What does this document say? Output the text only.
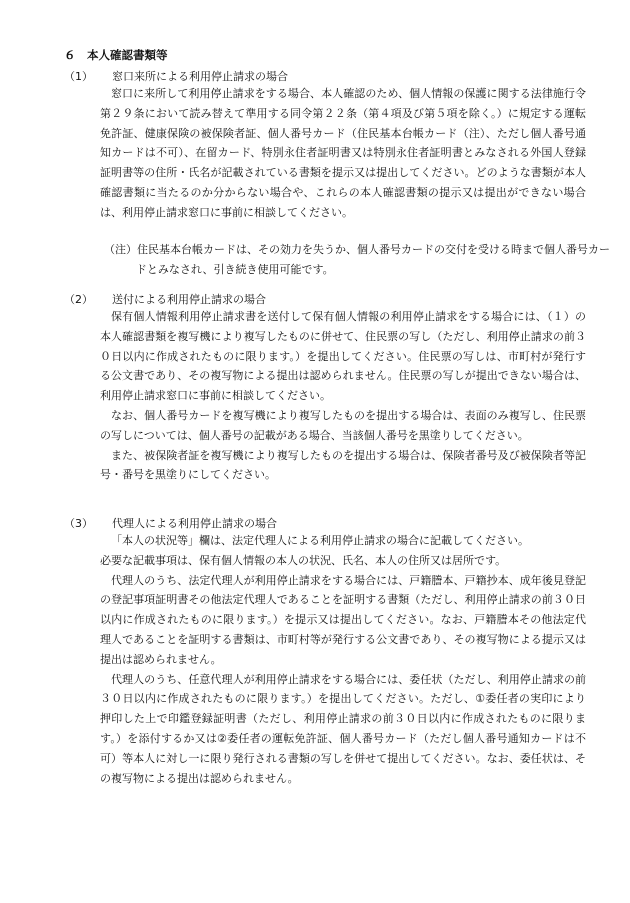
６　本人確認書類等
（1） 窓口来所による利用停止請求の場合

窓口に来所して利用停止請求をする場合、本人確認のため、個人情報の保護に関する法律施行令第２９条において読み替えて準用する同令第２２条（第４項及び第５項を除く。）に規定する運転免許証、健康保険の被保険者証、個人番号カード（住民基本台帳カード（注）、ただし個人番号通知カードは不可）、在留カード、特別永住者証明書又は特別永住者証明書とみなされる外国人登録証明書等の住所・氏名が記載されている書類を提示又は提出してください。どのような書類が本人確認書類に当たるのか分からない場合や、これらの本人確認書類の提示又は提出ができない場合は、利用停止請求窓口に事前に相談してください。

（注）住民基本台帳カードは、その効力を失うか、個人番号カードの交付を受ける時まで個人番号カードとみなされ、引き続き使用可能です。
（2） 送付による利用停止請求の場合

保有個人情報利用停止請求書を送付して保有個人情報の利用停止請求をする場合には、（１）の本人確認書類を複写機により複写したものに併せて、住民票の写し（ただし、利用停止請求の前３０日以内に作成されたものに限ります。）を提出してください。住民票の写しは、市町村が発行する公文書であり、その複写物による提出は認められません。住民票の写しが提出できない場合は、利用停止請求窓口に事前に相談してください。

なお、個人番号カードを複写機により複写したものを提出する場合は、表面のみ複写し、住民票の写しについては、個人番号の記載がある場合、当該個人番号を黒塗りしてください。

また、被保険者証を複写機により複写したものを提出する場合は、保険者番号及び被保険者等記号・番号を黒塗りにしてください。

（3） 代理人による利用停止請求の場合

「本人の状況等」欄は、法定代理人による利用停止請求の場合に記載してください。

必要な記載事項は、保有個人情報の本人の状況、氏名、本人の住所又は居所です。

代理人のうち、法定代理人が利用停止請求をする場合には、戸籍謄本、戸籍抄本、成年後見登記の登記事項証明書その他法定代理人であることを証明する書類（ただし、利用停止請求の前３０日以内に作成されたものに限ります。）を提示又は提出してください。なお、戸籍謄本その他法定代理人であることを証明する書類は、市町村等が発行する公文書であり、その複写物による提示又は提出は認められません。

代理人のうち、任意代理人が利用停止請求をする場合には、委任状（ただし、利用停止請求の前３０日以内に作成されたものに限ります。）を提出してください。ただし、①委任者の実印により押印した上で印鑑登録証明書（ただし、利用停止請求の前３０日以内に作成されたものに限ります。）を添付するか又は②委任者の運転免許証、個人番号カード（ただし個人番号通知カードは不可）等本人に対し一に限り発行される書類の写しを併せて提出してください。なお、委任状は、その複写物による提出は認められません。
